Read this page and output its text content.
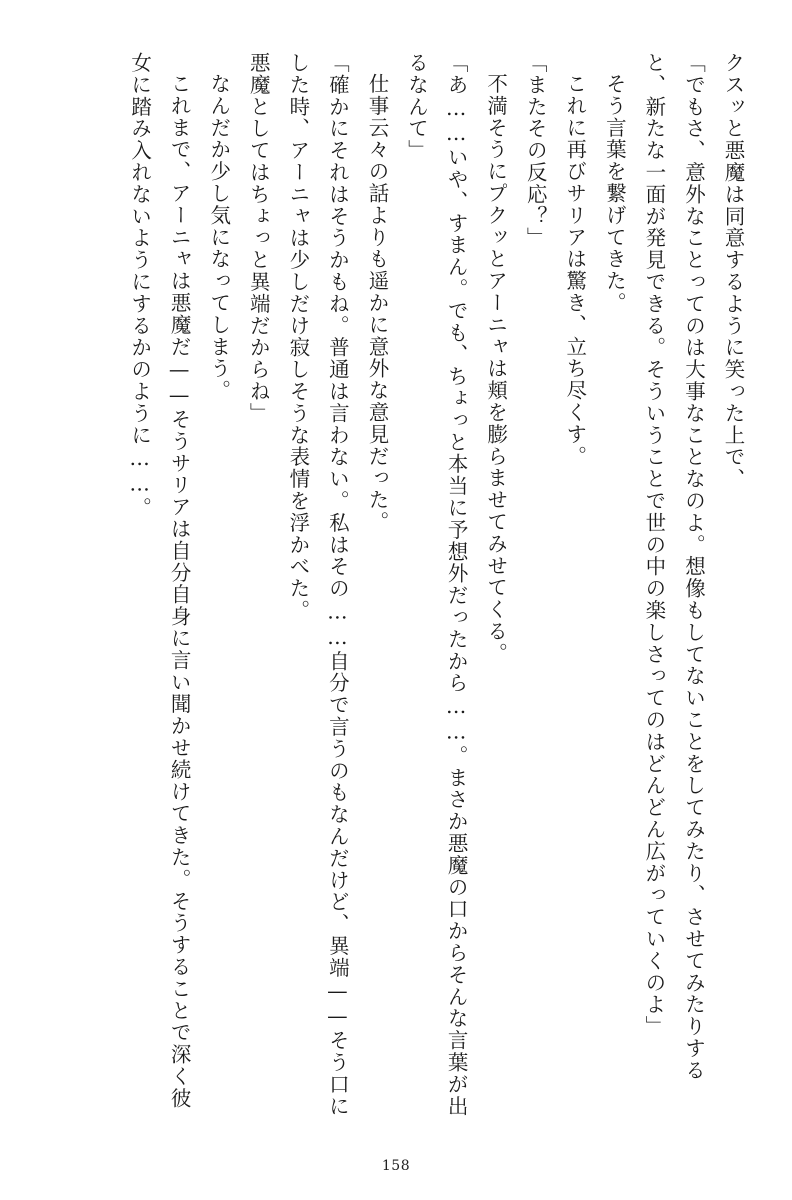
クスッと悪魔は同意するように笑った上で、

「でもさ、意外なことってのは大事なことなのよ。想像もしてないことをしてみたり、させてみたりすると、新たな一面が発見できる。そういうことで世の中の楽しさってのはどんどん広がっていくのよ」

そう言葉を繋げてきた。

これに再びサリアは驚き、立ち尽くす。

「またその反応？」

不満そうにプクッとアーニャは頬を膨らませてみせてくる。

「あ……いや、すまん。でも、ちょっと本当に予想外だったから……。まさか悪魔の口からそんな言葉が出るなんて」

仕事云々の話よりも遥かに意外な意見だった。

「確かにそれはそうかもね。普通は言わない。私はその……自分で言うのもなんだけど、異端——そう口にした時、アーニャは少しだけ寂しそうな表情を浮かべた。

悪魔としてはちょっと異端だからね」

なんだか少し気になってしまう。

これまで、アーニャは悪魔だ——そうサリアは自分自身に言い聞かせ続けてきた。そうすることで深く彼女に踏み入れないようにするかのように……。

158
